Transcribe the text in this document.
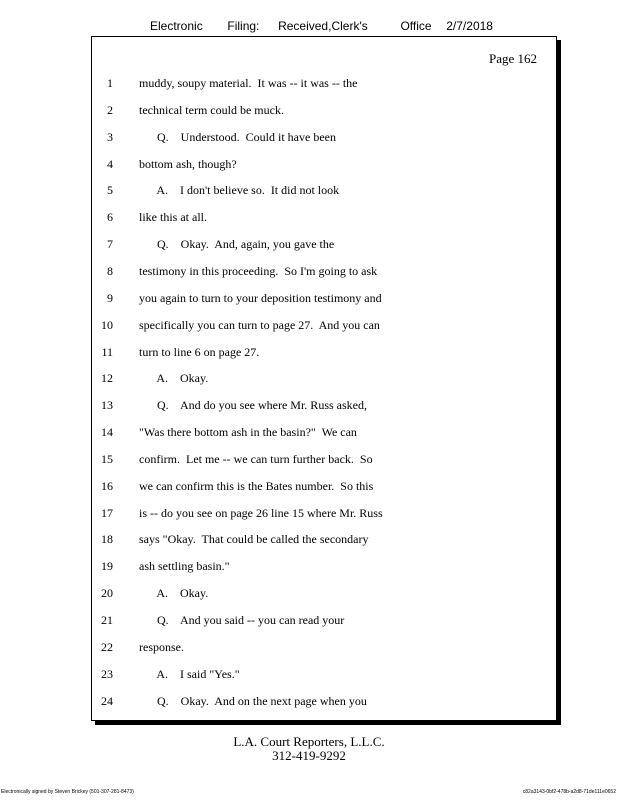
Electronic Filing: Received,Clerk's	Office 2/7/2018
Page 162
1 muddy, soupy material.  It was -- it was -- the
2 technical term could be muck.
3 Q.    Understood.  Could it have been
4 bottom ash, though?
5 A.    I don't believe so.  It did not look
6 like this at all.
7 Q.    Okay.  And, again, you gave the
8 testimony in this proceeding.  So I'm going to ask
9 you again to turn to your deposition testimony and
10 specifically you can turn to page 27.  And you can
11 turn to line 6 on page 27.
12 A.    Okay.
13 Q.    And do you see where Mr. Russ asked,
14 "Was there bottom ash in the basin?"  We can
15 confirm.  Let me -- we can turn further back.  So
16 we can confirm this is the Bates number.  So this
17 is -- do you see on page 26 line 15 where Mr. Russ
18 says "Okay.  That could be called the secondary
19 ash settling basin."
20 A.    Okay.
21 Q.    And you said -- you can read your
22 response.
23 A.    I said "Yes."
24 Q.    Okay.  And on the next page when you
L.A. Court Reporters, L.L.C.
312-419-9292
Electronically signed by Steven Brickey (501-307-281-8473)	c82a3143-0bf2-478b-a2d8-71de111e0652
